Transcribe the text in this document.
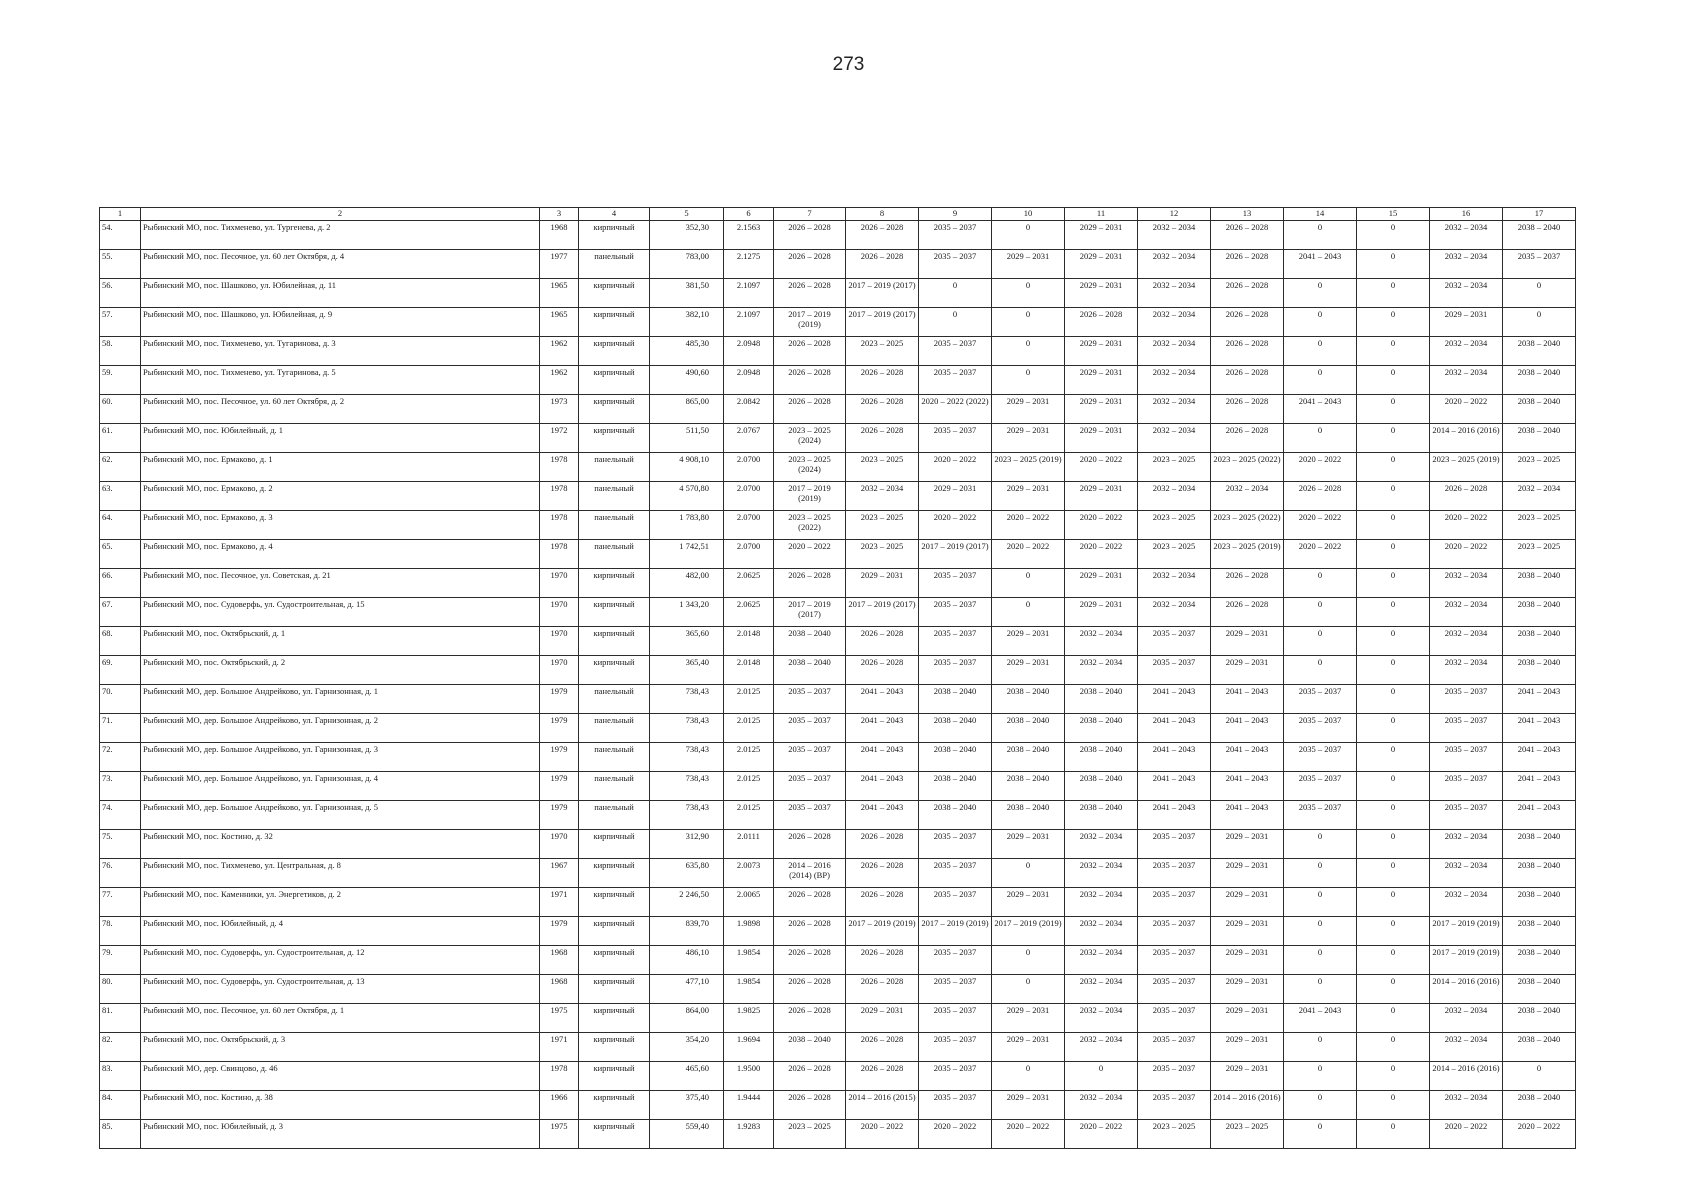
273
1	2	3	4	5	6	7	8	9	10	11	12	13	14	15	16	17
54.	Рыбинский МО, пос. Тихменево, ул. Тургенева, д. 2	1968	кирпичный	352,30	2.1563	2026 – 2028	2026 – 2028	2035 – 2037	0	2029 – 2031	2032 – 2034	2026 – 2028	0	0	2032 – 2034	2038 – 2040
55.	Рыбинский МО, пос. Песочное, ул. 60 лет Октября, д. 4	1977	панельный	783,00	2.1275	2026 – 2028	2026 – 2028	2035 – 2037	2029 – 2031	2029 – 2031	2032 – 2034	2026 – 2028	2041 – 2043	0	2032 – 2034	2035 – 2037
56.	Рыбинский МО, пос. Шашково, ул. Юбилейная, д. 11	1965	кирпичный	381,50	2.1097	2026 – 2028	2017 – 2019 (2017)	0	0	2029 – 2031	2032 – 2034	2026 – 2028	0	0	2032 – 2034	0
57.	Рыбинский МО, пос. Шашково, ул. Юбилейная, д. 9	1965	кирпичный	382,10	2.1097	2017 – 2019 (2019)	2017 – 2019 (2017)	0	0	2026 – 2028	2032 – 2034	2026 – 2028	0	0	2029 – 2031	0
58.	Рыбинский МО, пос. Тихменево, ул. Тугаринова, д. 3	1962	кирпичный	485,30	2.0948	2026 – 2028	2023 – 2025	2035 – 2037	0	2029 – 2031	2032 – 2034	2026 – 2028	0	0	2032 – 2034	2038 – 2040
59.	Рыбинский МО, пос. Тихменево, ул. Тугаринова, д. 5	1962	кирпичный	490,60	2.0948	2026 – 2028	2026 – 2028	2035 – 2037	0	2029 – 2031	2032 – 2034	2026 – 2028	0	0	2032 – 2034	2038 – 2040
60.	Рыбинский МО, пос. Песочное, ул. 60 лет Октября, д. 2	1973	кирпичный	865,00	2.0842	2026 – 2028	2026 – 2028	2020 – 2022 (2022)	2029 – 2031	2029 – 2031	2032 – 2034	2026 – 2028	2041 – 2043	0	2020 – 2022	2038 – 2040
61.	Рыбинский МО, пос. Юбилейный, д. 1	1972	кирпичный	511,50	2.0767	2023 – 2025 (2024)	2026 – 2028	2035 – 2037	2029 – 2031	2029 – 2031	2032 – 2034	2026 – 2028	0	0	2014 – 2016 (2016)	2038 – 2040
62.	Рыбинский МО, пос. Ермаково, д. 1	1978	панельный	4 908,10	2.0700	2023 – 2025 (2024)	2023 – 2025	2020 – 2022	2023 – 2025 (2019)	2020 – 2022	2023 – 2025	2023 – 2025 (2022)	2020 – 2022	0	2023 – 2025 (2019)	2023 – 2025
63.	Рыбинский МО, пос. Ермаково, д. 2	1978	панельный	4 570,80	2.0700	2017 – 2019 (2019)	2032 – 2034	2029 – 2031	2029 – 2031	2029 – 2031	2032 – 2034	2032 – 2034	2026 – 2028	0	2026 – 2028	2032 – 2034
64.	Рыбинский МО, пос. Ермаково, д. 3	1978	панельный	1 783,80	2.0700	2023 – 2025 (2022)	2023 – 2025	2020 – 2022	2020 – 2022	2020 – 2022	2023 – 2025	2023 – 2025 (2022)	2020 – 2022	0	2020 – 2022	2023 – 2025
65.	Рыбинский МО, пос. Ермаково, д. 4	1978	панельный	1 742,51	2.0700	2020 – 2022	2023 – 2025	2017 – 2019 (2017)	2020 – 2022	2020 – 2022	2023 – 2025	2023 – 2025 (2019)	2020 – 2022	0	2020 – 2022	2023 – 2025
66.	Рыбинский МО, пос. Песочное, ул. Советская, д. 21	1970	кирпичный	482,00	2.0625	2026 – 2028	2029 – 2031	2035 – 2037	0	2029 – 2031	2032 – 2034	2026 – 2028	0	0	2032 – 2034	2038 – 2040
67.	Рыбинский МО, пос. Судоверфь, ул. Судостроительная, д. 15	1970	кирпичный	1 343,20	2.0625	2017 – 2019 (2017)	2017 – 2019 (2017)	2035 – 2037	0	2029 – 2031	2032 – 2034	2026 – 2028	0	0	2032 – 2034	2038 – 2040
68.	Рыбинский МО, пос. Октябрьский, д. 1	1970	кирпичный	365,60	2.0148	2038 – 2040	2026 – 2028	2035 – 2037	2029 – 2031	2032 – 2034	2035 – 2037	2029 – 2031	0	0	2032 – 2034	2038 – 2040
69.	Рыбинский МО, пос. Октябрьский, д. 2	1970	кирпичный	365,40	2.0148	2038 – 2040	2026 – 2028	2035 – 2037	2029 – 2031	2032 – 2034	2035 – 2037	2029 – 2031	0	0	2032 – 2034	2038 – 2040
70.	Рыбинский МО, дер. Большое Андрейково, ул. Гарнизонная, д. 1	1979	панельный	738,43	2.0125	2035 – 2037	2041 – 2043	2038 – 2040	2038 – 2040	2038 – 2040	2041 – 2043	2041 – 2043	2035 – 2037	0	2035 – 2037	2041 – 2043
71.	Рыбинский МО, дер. Большое Андрейково, ул. Гарнизонная, д. 2	1979	панельный	738,43	2.0125	2035 – 2037	2041 – 2043	2038 – 2040	2038 – 2040	2038 – 2040	2041 – 2043	2041 – 2043	2035 – 2037	0	2035 – 2037	2041 – 2043
72.	Рыбинский МО, дер. Большое Андрейково, ул. Гарнизонная, д. 3	1979	панельный	738,43	2.0125	2035 – 2037	2041 – 2043	2038 – 2040	2038 – 2040	2038 – 2040	2041 – 2043	2041 – 2043	2035 – 2037	0	2035 – 2037	2041 – 2043
73.	Рыбинский МО, дер. Большое Андрейково, ул. Гарнизонная, д. 4	1979	панельный	738,43	2.0125	2035 – 2037	2041 – 2043	2038 – 2040	2038 – 2040	2038 – 2040	2041 – 2043	2041 – 2043	2035 – 2037	0	2035 – 2037	2041 – 2043
74.	Рыбинский МО, дер. Большое Андрейково, ул. Гарнизонная, д. 5	1979	панельный	738,43	2.0125	2035 – 2037	2041 – 2043	2038 – 2040	2038 – 2040	2038 – 2040	2041 – 2043	2041 – 2043	2035 – 2037	0	2035 – 2037	2041 – 2043
75.	Рыбинский МО, пос. Костино, д. 32	1970	кирпичный	312,90	2.0111	2026 – 2028	2026 – 2028	2035 – 2037	2029 – 2031	2032 – 2034	2035 – 2037	2029 – 2031	0	0	2032 – 2034	2038 – 2040
76.	Рыбинский МО, пос. Тихменево, ул. Центральная, д. 8	1967	кирпичный	635,80	2.0073	2014 – 2016 (2014) (ВР)	2026 – 2028	2035 – 2037	0	2032 – 2034	2035 – 2037	2029 – 2031	0	0	2032 – 2034	2038 – 2040
77.	Рыбинский МО, пос. Каменники, ул. Энергетиков, д. 2	1971	кирпичный	2 246,50	2.0065	2026 – 2028	2026 – 2028	2035 – 2037	2029 – 2031	2032 – 2034	2035 – 2037	2029 – 2031	0	0	2032 – 2034	2038 – 2040
78.	Рыбинский МО, пос. Юбилейный, д. 4	1979	кирпичный	839,70	1.9898	2026 – 2028	2017 – 2019 (2019)	2017 – 2019 (2019)	2017 – 2019 (2019)	2032 – 2034	2035 – 2037	2029 – 2031	0	0	2017 – 2019 (2019)	2038 – 2040
79.	Рыбинский МО, пос. Судоверфь, ул. Судостроительная, д. 12	1968	кирпичный	486,10	1.9854	2026 – 2028	2026 – 2028	2035 – 2037	0	2032 – 2034	2035 – 2037	2029 – 2031	0	0	2017 – 2019 (2019)	2038 – 2040
80.	Рыбинский МО, пос. Судоверфь, ул. Судостроительная, д. 13	1968	кирпичный	477,10	1.9854	2026 – 2028	2026 – 2028	2035 – 2037	0	2032 – 2034	2035 – 2037	2029 – 2031	0	0	2014 – 2016 (2016)	2038 – 2040
81.	Рыбинский МО, пос. Песочное, ул. 60 лет Октября, д. 1	1975	кирпичный	864,00	1.9825	2026 – 2028	2029 – 2031	2035 – 2037	2029 – 2031	2032 – 2034	2035 – 2037	2029 – 2031	2041 – 2043	0	2032 – 2034	2038 – 2040
82.	Рыбинский МО, пос. Октябрьский, д. 3	1971	кирпичный	354,20	1.9694	2038 – 2040	2026 – 2028	2035 – 2037	2029 – 2031	2032 – 2034	2035 – 2037	2029 – 2031	0	0	2032 – 2034	2038 – 2040
83.	Рыбинский МО, дер. Свинцово, д. 46	1978	кирпичный	465,60	1.9500	2026 – 2028	2026 – 2028	2035 – 2037	0	0	2035 – 2037	2029 – 2031	0	0	2014 – 2016 (2016)	0
84.	Рыбинский МО, пос. Костино, д. 38	1966	кирпичный	375,40	1.9444	2026 – 2028	2014 – 2016 (2015)	2035 – 2037	2029 – 2031	2032 – 2034	2035 – 2037	2014 – 2016 (2016)	0	0	2032 – 2034	2038 – 2040
85.	Рыбинский МО, пос. Юбилейный, д. 3	1975	кирпичный	559,40	1.9283	2023 – 2025	2020 – 2022	2020 – 2022	2020 – 2022	2020 – 2022	2023 – 2025	2023 – 2025	0	0	2020 – 2022	2020 – 2022
